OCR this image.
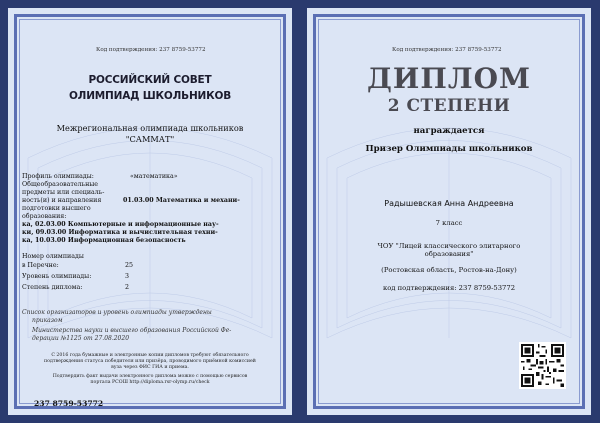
Код подтверждения: 237 8759-53772
РОССИЙСКИЙ СОВЕТ
ОЛИМПИАД ШКОЛЬНИКОВ
Межрегиональная олимпиада школьников
"САММАТ"
Профиль олимпиады:	«математика»
Общеобразовательные
предметы или специаль-
ность(и) и направления
подготовки высшего
образования:
01.03.00 Математика и механи-
ка, 02.03.00 Компьютерные и информационные нау-
ки, 09.03.00 Информатика и вычислительная техни-
ка, 10.03.00 Информационная безопасность
Номер олимпиады
в Перечне:	25
Уровень олимпиады:	3
Степень диплома:	2
Список организаторов и уровень олимпиады утверждены
приказом
Министерства науки и высшего образования Российской Фе-
дерации №1125 от 27.08.2020
С 2016 года бумажные и электронные копии дипломов требуют обязательного
подтверждения статуса победителя или призёра, проводимого приёмной комиссией
вуза через ФИС ГИА и приема.
Подтвердить факт выдачи электронного диплома можно с помощью сервисов
портала РСОШ http://diploma.rsr-olymp.ru/check
237 8759-53772
Код подтверждения: 237 8759-53772
ДИПЛОМ
2 СТЕПЕНИ
награждается
Призер Олимпиады школьников
Радышевская Анна Андреевна
7 класс
ЧОУ "Лицей классического элитарного
образования"
(Ростовская область, Ростов-на-Дону)
код подтверждения: 237 8759-53772
